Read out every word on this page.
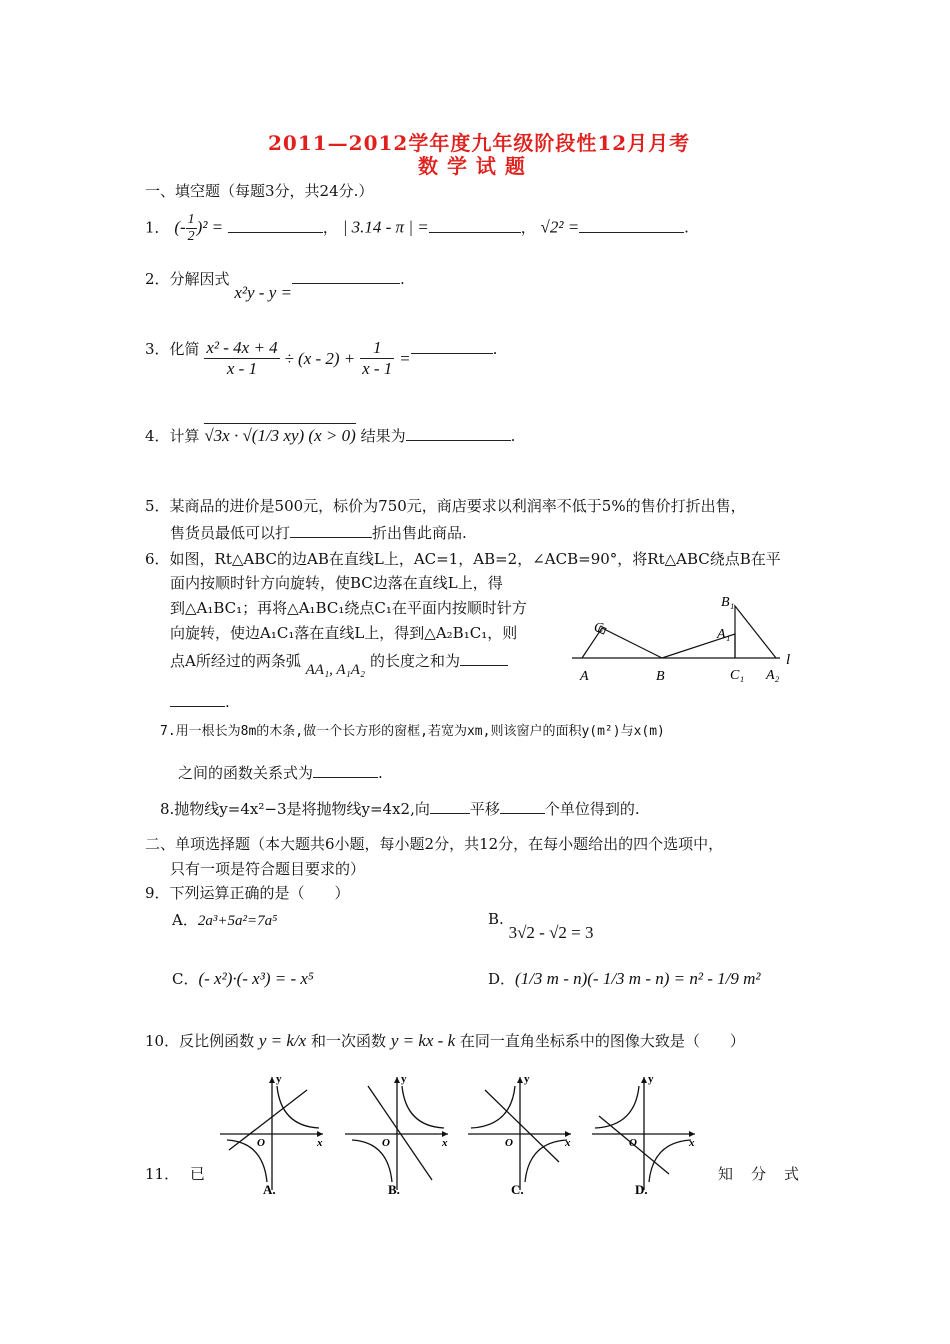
2011—2012学年度九年级阶段性12月月考
数 学 试 题
一、填空题（每题3分，共24分.）
1． (- $\frac{1}{2} )^2$ =	， | 3.14 - π | =	， √2² =	.
2．分解因式 x²y - y =.
3．化简 $\frac{\text{x² - 4x + 4}}{x - 1} \div (x - 2) + \frac{1}{x - 1}$ =	.
4．计算 √3x · √(1/3 xy) (x > 0) 结果为	.
5．某商品的进价是500元，标价为750元，商店要求以利润率不低于5%的售价打折出售，
售货员最低可以打	折出售此商品.
6．如图，Rt△ABC的边AB在直线L上，AC=1，AB=2，∠ACB=90°，将Rt△ABC绕点B在平
面内按顺时针方向旋转，使BC边落在直线L上，得
到△A₁BC₁；再将△A₁BC₁绕点C₁在平面内按顺时针方
向旋转，使边A₁C₁落在直线L上，得到△A₂B₁C₁，则
点A所经过的两条弧 AA₁, A₁A₂ 的长度之和为
.
A	B
C
C₁
A₁
A₂
B₁
l
7.用一根长为8m的木条,做一个长方形的窗框,若宽为xm,则该窗户的面积y(m²)与x(m)
之间的函数关系式为	.
8.抛物线y=4x²−3是将抛物线y=4x2,向	平移	个单位得到的.
二、单项选择题（本大题共6小题，每小题2分，共12分，在每小题给出的四个选项中，
只有一项是符合题目要求的）
9．下列运算正确的是（　　）
A．2a³+5a²=7a⁵	B. 3√2 - √2 = 3
C．(- x²)·(- x³) = - x⁵	D．(1/3 m - n)(- 1/3 m - n) = n² - 1/9 m²
10．反比例函数 y = k/x 和一次函数 y = kx - k 在同一直角坐标系中的图像大致是（　　）
y
x
O
A.
y
x
O
B.
y
x
O
C.
y
x
O
D.
11． 已	知分式
